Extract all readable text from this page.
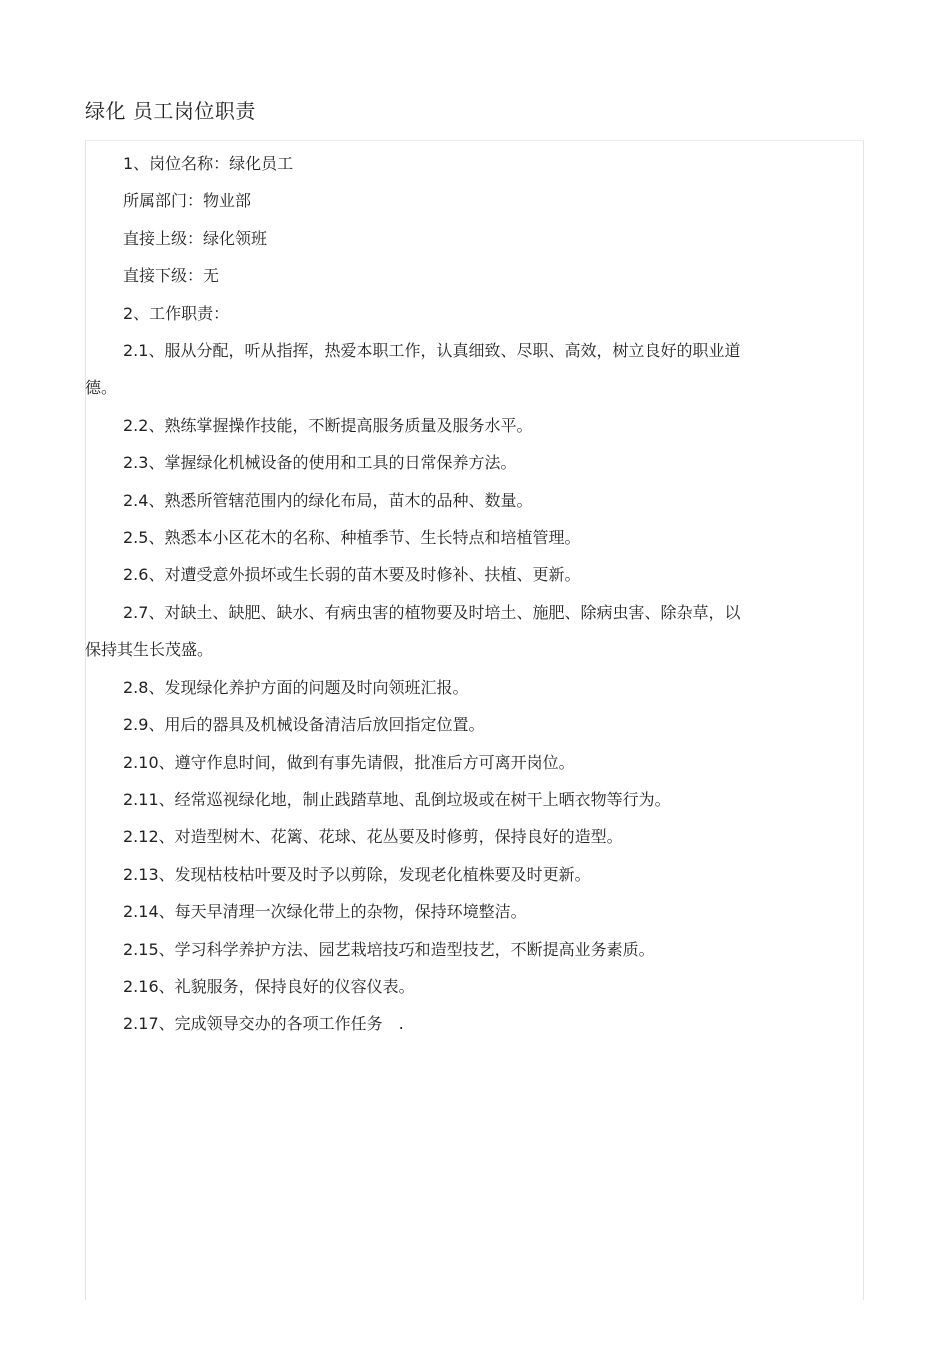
绿化 员工岗位职责

1、岗位名称：绿化员工

所属部门：物业部

直接上级：绿化领班

直接下级：无

2、工作职责：

2.1、服从分配，听从指挥，热爱本职工作，认真细致、尽职、高效，树立良好的职业道

德。

2.2、熟练掌握操作技能，不断提高服务质量及服务水平。

2.3、掌握绿化机械设备的使用和工具的日常保养方法。

2.4、熟悉所管辖范围内的绿化布局，苗木的品种、数量。

2.5、熟悉本小区花木的名称、种植季节、生长特点和培植管理。

2.6、对遭受意外损坏或生长弱的苗木要及时修补、扶植、更新。

2.7、对缺土、缺肥、缺水、有病虫害的植物要及时培土、施肥、除病虫害、除杂草，以

保持其生长茂盛。

2.8、发现绿化养护方面的问题及时向领班汇报。

2.9、用后的器具及机械设备清洁后放回指定位置。

2.10、遵守作息时间，做到有事先请假，批准后方可离开岗位。

2.11、经常巡视绿化地，制止践踏草地、乱倒垃圾或在树干上晒衣物等行为。

2.12、对造型树木、花篱、花球、花丛要及时修剪，保持良好的造型。

2.13、发现枯枝枯叶要及时予以剪除，发现老化植株要及时更新。

2.14、每天早清理一次绿化带上的杂物，保持环境整洁。

2.15、学习科学养护方法、园艺栽培技巧和造型技艺，不断提高业务素质。

2.16、礼貌服务，保持良好的仪容仪表。

2.17、完成领导交办的各项工作任务　.
